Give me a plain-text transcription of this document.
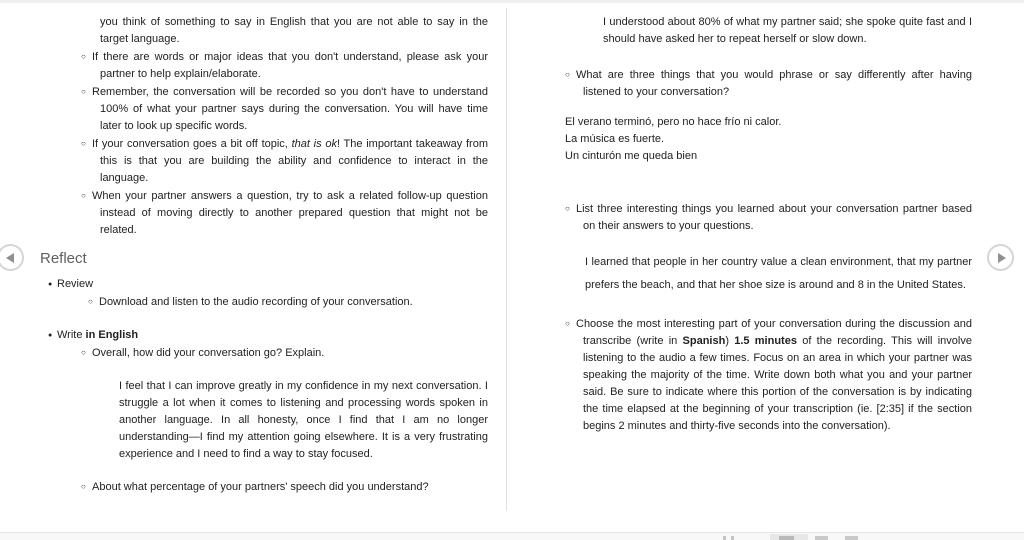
you think of something to say in English that you are not able to say in the target language.
○ If there are words or major ideas that you don't understand, please ask your partner to help explain/elaborate.
○ Remember, the conversation will be recorded so you don't have to understand 100% of what your partner says during the conversation. You will have time later to look up specific words.
○ If your conversation goes a bit off topic, that is ok! The important takeaway from this is that you are building the ability and confidence to interact in the language.
○ When your partner answers a question, try to ask a related follow-up question instead of moving directly to another prepared question that might not be related.
Reflect
● Review
○ Download and listen to the audio recording of your conversation.
● Write in English
○ Overall, how did your conversation go? Explain.
I feel that I can improve greatly in my confidence in my next conversation. I struggle a lot when it comes to listening and processing words spoken in another language. In all honesty, once I find that I am no longer understanding—I find my attention going elsewhere. It is a very frustrating experience and I need to find a way to stay focused.
○ About what percentage of your partners' speech did you understand?
I understood about 80% of what my partner said; she spoke quite fast and I should have asked her to repeat herself or slow down.
○ What are three things that you would phrase or say differently after having listened to your conversation?
El verano terminó, pero no hace frío ni calor.
La música es fuerte.
Un cinturón me queda bien
○ List three interesting things you learned about your conversation partner based on their answers to your questions.
I learned that people in her country value a clean environment, that my partner prefers the beach, and that her shoe size is around and 8 in the United States.
○ Choose the most interesting part of your conversation during the discussion and transcribe (write in Spanish) 1.5 minutes of the recording. This will involve listening to the audio a few times. Focus on an area in which your partner was speaking the majority of the time. Write down both what you and your partner said. Be sure to indicate where this portion of the conversation is by indicating the time elapsed at the beginning of your transcription (ie. [2:35] if the section begins 2 minutes and thirty-five seconds into the conversation).
